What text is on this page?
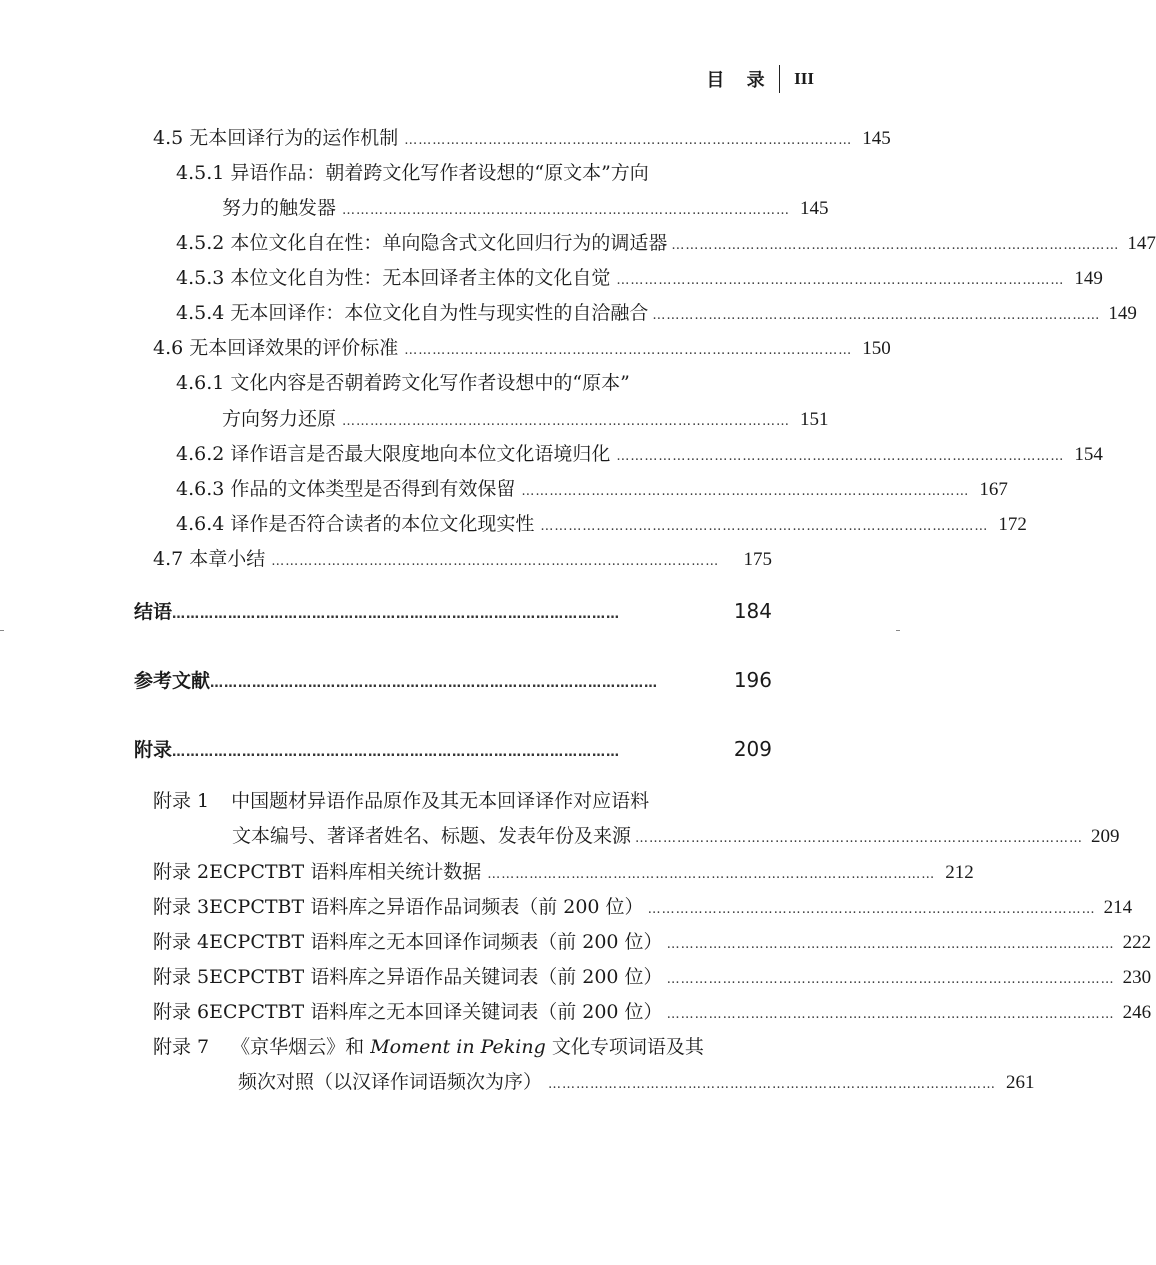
目 录 III
4.5 无本回译行为的运作机制 …………………………………………………………………………………… 145
4.5.1 异语作品：朝着跨文化写作者设想的“原文本”方向
努力的触发器 …………………………………………………………………………………… 145
4.5.2 本位文化自在性：单向隐含式文化回归行为的调适器 …………………………………………………………………………………… 147
4.5.3 本位文化自为性：无本回译者主体的文化自觉 …………………………………………………………………………………… 149
4.5.4 无本回译作：本位文化自为性与现实性的自洽融合 …………………………………………………………………………………… 149
4.6 无本回译效果的评价标准 …………………………………………………………………………………… 150
4.6.1 文化内容是否朝着跨文化写作者设想中的“原本”
方向努力还原 …………………………………………………………………………………… 151
4.6.2 译作语言是否最大限度地向本位文化语境归化 …………………………………………………………………………………… 154
4.6.3 作品的文体类型是否得到有效保留 …………………………………………………………………………………… 167
4.6.4 译作是否符合读者的本位文化现实性 …………………………………………………………………………………… 172
4.7 本章小结 ……………………………………………………………………………………	175
结语 ……………………………………………………………………………………	184
参考文献 ……………………………………………………………………………………	196
附录 ……………………………………………………………………………………	209
附录 1 中国题材异语作品原作及其无本回译译作对应语料
文本编号、著译者姓名、标题、发表年份及来源 …………………………………………………………………………………… 209
附录 2 ECPCTBT 语料库相关统计数据 …………………………………………………………………………………… 212
附录 3 ECPCTBT 语料库之异语作品词频表（前 200 位） …………………………………………………………………………………… 214
附录 4 ECPCTBT 语料库之无本回译作词频表（前 200 位） …………………………………………………………………………………… 222
附录 5 ECPCTBT 语料库之异语作品关键词表（前 200 位） …………………………………………………………………………………… 230
附录 6 ECPCTBT 语料库之无本回译关键词表（前 200 位） …………………………………………………………………………………… 246
附录 7 《京华烟云》和 Moment in Peking 文化专项词语及其
频次对照（以汉译作词语频次为序） …………………………………………………………………………………… 261
